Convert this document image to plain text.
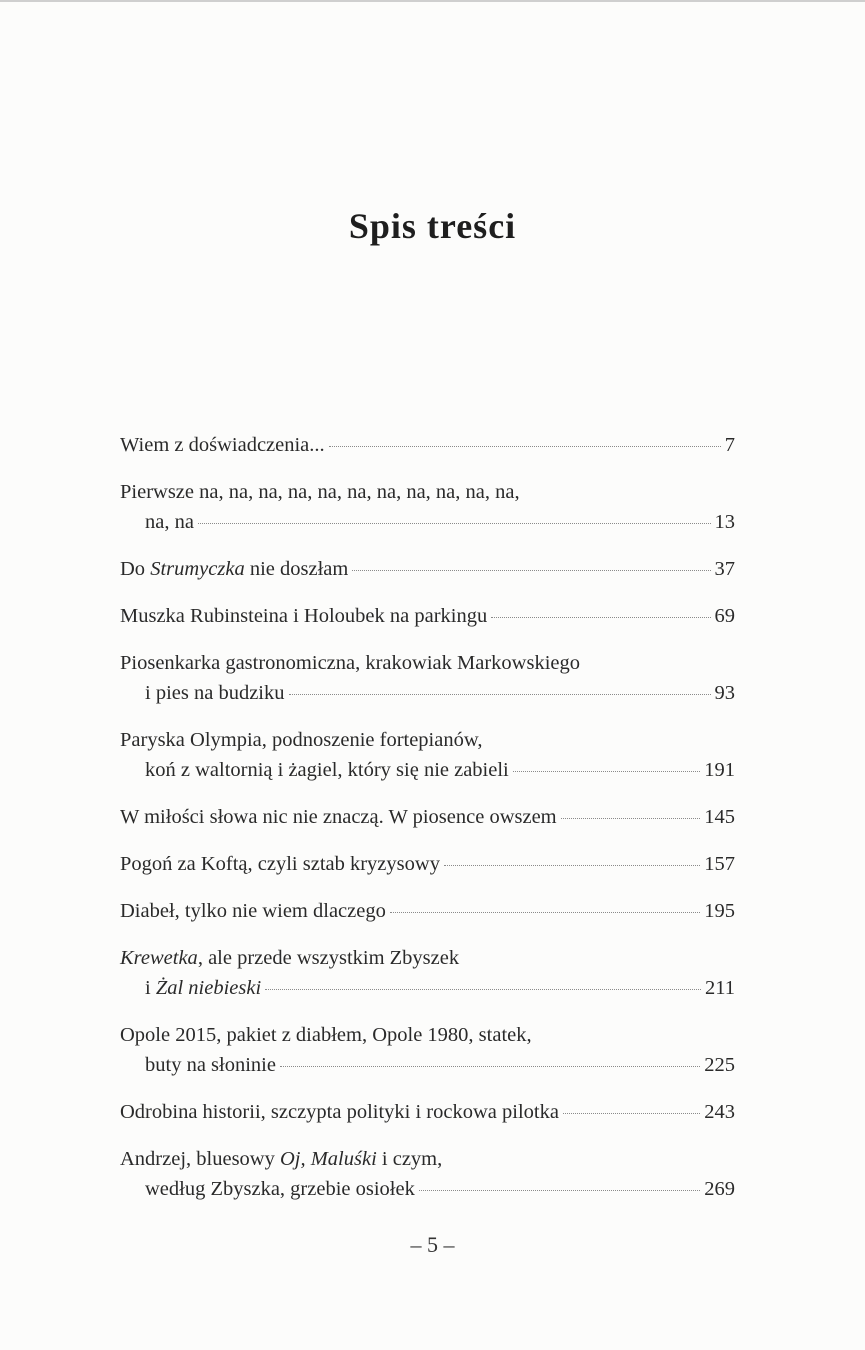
Spis treści
Wiem z doświadczenia...	7
Pierwsze na, na, na, na, na, na, na, na, na, na, na,
na, na	13
Do Strumyczka nie doszłam	37
Muszka Rubinsteina i Holoubek na parkingu	69
Piosenkarka gastronomiczna, krakowiak Markowskiego
i pies na budziku	93
Paryska Olympia, podnoszenie fortepianów,
koń z waltornią i żagiel, który się nie zabieli	191
W miłości słowa nic nie znaczą. W piosence owszem	145
Pogoń za Koftą, czyli sztab kryzysowy	157
Diabeł, tylko nie wiem dlaczego	195
Krewetka, ale przede wszystkim Zbyszek
i Żal niebieski	211
Opole 2015, pakiet z diabłem, Opole 1980, statek,
buty na słoninie	225
Odrobina historii, szczypta polityki i rockowa pilotka	243
Andrzej, bluesowy Oj, Maluśki i czym,
według Zbyszka, grzebie osiołek	269
– 5 –
